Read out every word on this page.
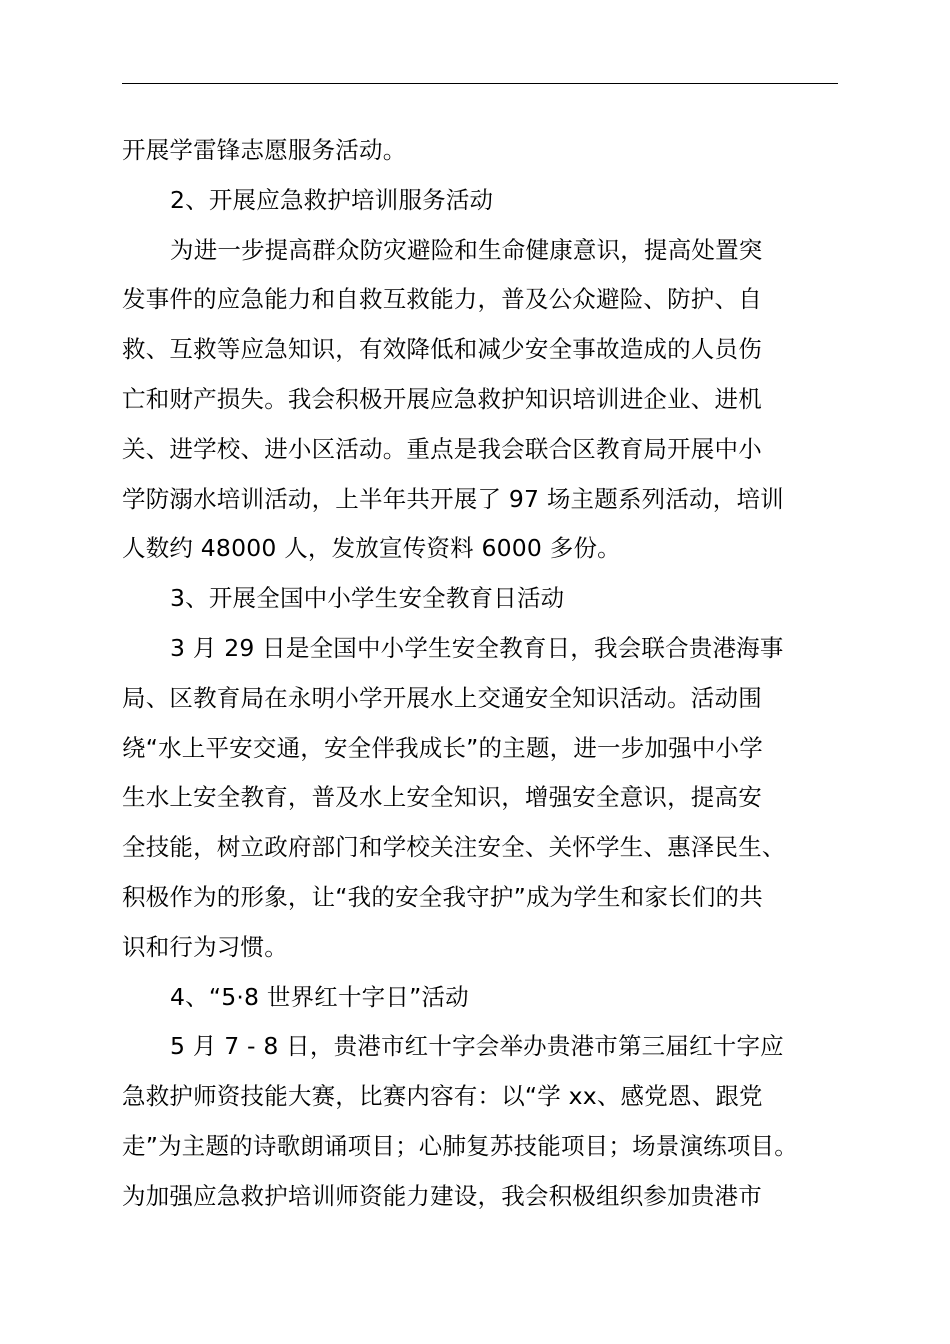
开展学雷锋志愿服务活动。
2、开展应急救护培训服务活动
为进一步提高群众防灾避险和生命健康意识，提高处置突
发事件的应急能力和自救互救能力，普及公众避险、防护、自
救、互救等应急知识，有效降低和减少安全事故造成的人员伤
亡和财产损失。我会积极开展应急救护知识培训进企业、进机
关、进学校、进小区活动。重点是我会联合区教育局开展中小
学防溺水培训活动，上半年共开展了 97 场主题系列活动，培训
人数约 48000 人，发放宣传资料 6000 多份。
3、开展全国中小学生安全教育日活动
3 月 29 日是全国中小学生安全教育日，我会联合贵港海事
局、区教育局在永明小学开展水上交通安全知识活动。活动围
绕“水上平安交通，安全伴我成长”的主题，进一步加强中小学
生水上安全教育，普及水上安全知识，增强安全意识，提高安
全技能，树立政府部门和学校关注安全、关怀学生、惠泽民生、
积极作为的形象，让“我的安全我守护”成为学生和家长们的共
识和行为习惯。
4、“5·8 世界红十字日”活动
5 月 7 - 8 日，贵港市红十字会举办贵港市第三届红十字应
急救护师资技能大赛，比赛内容有：以“学 xx、感党恩、跟党
走”为主题的诗歌朗诵项目；心肺复苏技能项目；场景演练项目。
为加强应急救护培训师资能力建设，我会积极组织参加贵港市
